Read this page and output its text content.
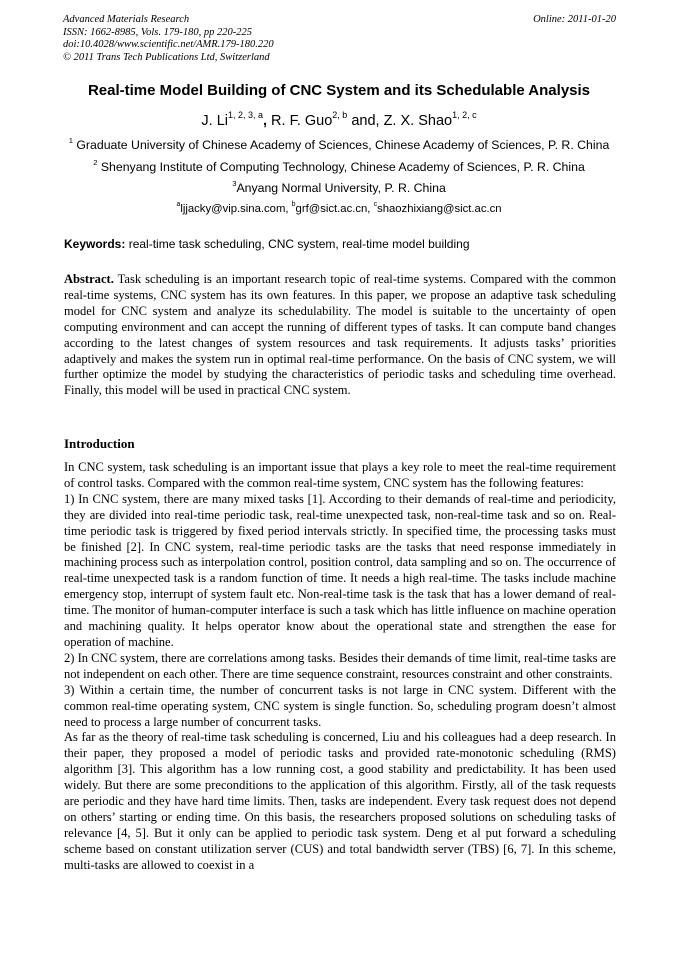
Advanced Materials Research
ISSN: 1662-8985, Vols. 179-180, pp 220-225
doi:10.4028/www.scientific.net/AMR.179-180.220
© 2011 Trans Tech Publications Ltd, Switzerland
Online: 2011-01-20
Real-time Model Building of CNC System and its Schedulable Analysis
J. Li$^{1, 2, 3, a}$, R. F. Guo$^{2, b}$ and, Z. X. Shao$^{1, 2, c}$
$^1$ Graduate University of Chinese Academy of Sciences, Chinese Academy of Sciences, P. R. China
$^2$ Shenyang Institute of Computing Technology, Chinese Academy of Sciences, P. R. China
$^3$Anyang Normal University, P. R. China
$^a$ljjacky@vip.sina.com, $^b$grf@sict.ac.cn, $^c$shaozhixiang@sict.ac.cn
Keywords: real-time task scheduling, CNC system, real-time model building

Abstract. Task scheduling is an important research topic of real-time systems. Compared with the common real-time systems, CNC system has its own features. In this paper, we propose an adaptive task scheduling model for CNC system and analyze its schedulability. The model is suitable to the uncertainty of open computing environment and can accept the running of different types of tasks. It can compute band changes according to the latest changes of system resources and task requirements. It adjusts tasks’ priorities adaptively and makes the system run in optimal real-time performance. On the basis of CNC system, we will further optimize the model by studying the characteristics of periodic tasks and scheduling time overhead. Finally, this model will be used in practical CNC system.

Introduction

In CNC system, task scheduling is an important issue that plays a key role to meet the real-time requirement of control tasks. Compared with the common real-time system, CNC system has the following features:

1) In CNC system, there are many mixed tasks [1]. According to their demands of real-time and periodicity, they are divided into real-time periodic task, real-time unexpected task, non-real-time task and so on. Real-time periodic task is triggered by fixed period intervals strictly. In specified time, the processing tasks must be finished [2]. In CNC system, real-time periodic tasks are the tasks that need response immediately in machining process such as interpolation control, position control, data sampling and so on. The occurrence of real-time unexpected task is a random function of time. It needs a high real-time. The tasks include machine emergency stop, interrupt of system fault etc. Non-real-time task is the task that has a lower demand of real-time. The monitor of human-computer interface is such a task which has little influence on machine operation and machining quality. It helps operator know about the operational state and strengthen the ease for operation of machine.

2) In CNC system, there are correlations among tasks. Besides their demands of time limit, real-time tasks are not independent on each other. There are time sequence constraint, resources constraint and other constraints.

3) Within a certain time, the number of concurrent tasks is not large in CNC system. Different with the common real-time operating system, CNC system is single function. So, scheduling program doesn’t almost need to process a large number of concurrent tasks.

As far as the theory of real-time task scheduling is concerned, Liu and his colleagues had a deep research. In their paper, they proposed a model of periodic tasks and provided rate-monotonic scheduling (RMS) algorithm [3]. This algorithm has a low running cost, a good stability and predictability. It has been used widely. But there are some preconditions to the application of this algorithm. Firstly, all of the task requests are periodic and they have hard time limits. Then, tasks are independent. Every task request does not depend on others’ starting or ending time. On this basis, the researchers proposed solutions on scheduling tasks of relevance [4, 5]. But it only can be applied to periodic task system. Deng et al put forward a scheduling scheme based on constant utilization server (CUS) and total bandwidth server (TBS) [6, 7]. In this scheme, multi-tasks are allowed to coexist in a
